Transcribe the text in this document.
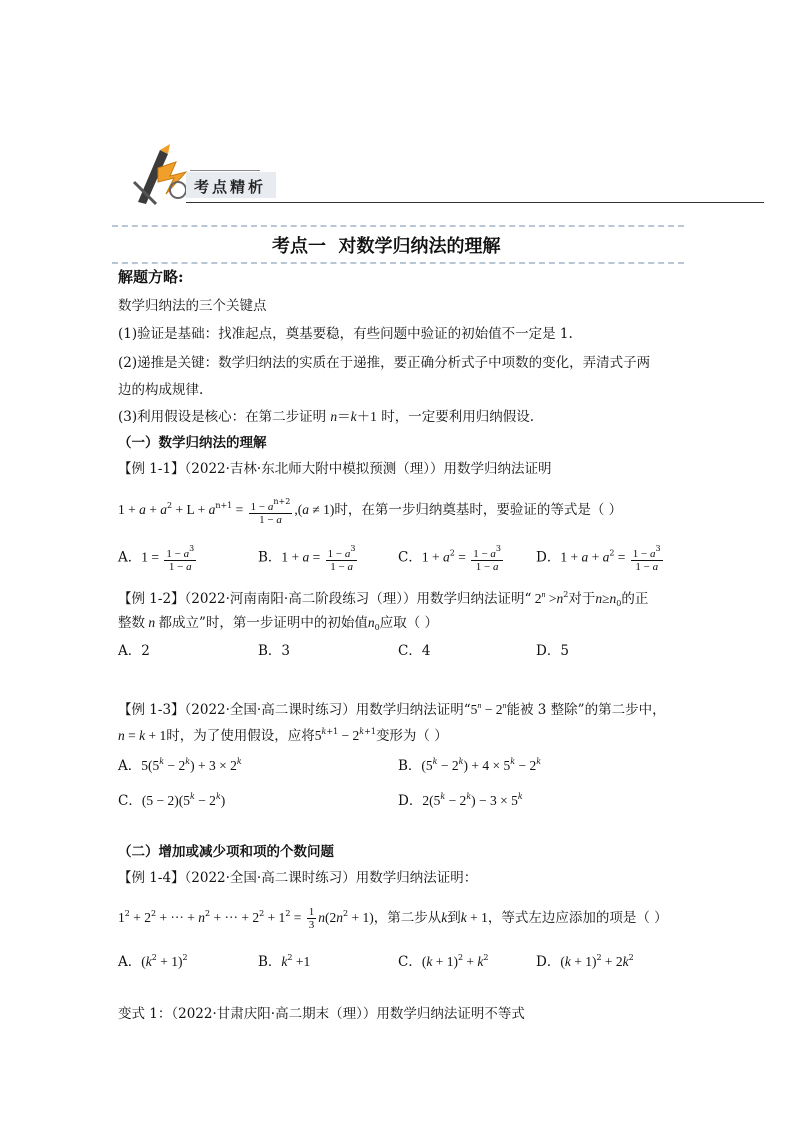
考点精析
考点一  对数学归纳法的理解
解题方略:
数学归纳法的三个关键点
(1)验证是基础：找准起点，奠基要稳，有些问题中验证的初始值不一定是 1.
(2)递推是关键：数学归纳法的实质在于递推，要正确分析式子中项数的变化，弄清式子两
边的构成规律.
(3)利用假设是核心：在第二步证明 n＝k＋1 时，一定要利用归纳假设.
（一）数学归纳法的理解
【例 1-1】（2022·吉林·东北师大附中模拟预测（理））用数学归纳法证明
$1 + a + a^2 + L + a^{n+1} = \frac{1 - a^{n+2}}{1 - a} ,(a \ne 1)$时，在第一步归纳奠基时，要验证的等式是（ ）
A．$1 = \frac{1 - a^3}{1 - a}$	B．$1 + a = \frac{1 - a^3}{1 - a}$	C．$1 + a^2 = \frac{1 - a^3}{1 - a}$ D．$1 + a + a^2 = \frac{1 - a^3}{1 - a}$
【例 1-2】（2022·河南南阳·高二阶段练习（理））用数学归纳法证明“ $2^n >n^2$对于$n\ge n_0$的正
整数 n 都成立”时，第一步证明中的初始值$n_0$应取（ ）
A．2	B．3	C．4	D．5
【例 1-3】（2022·全国·高二课时练习）用数学归纳法证明“$5^n - 2^n$能被 3 整除”的第二步中，
n = k + 1时，为了使用假设，应将$5^{k+1} - 2^{k+1}$变形为（ ）
A．$5(5^k - 2^k) + 3 \times 2^k$	B．$(5^k - 2^k) + 4 \times 5^k - 2^k$
C．$(5 - 2)(5^k - 2^k)$	D．$2(5^k - 2^k) - 3 \times 5^k$
（二）增加或减少项和项的个数问题
【例 1-4】（2022·全国·高二课时练习）用数学归纳法证明：
$1^2 + 2^2$ + ··· + $n^2$ + ··· + $2^2 + 1^2 = \frac{1}{3} n(2n^2 + 1)$，第二步从k到k + 1，等式左边应添加的项是（ ）
A．$(k^2 + 1)^2$	B．$k^2 +1$	C．$(k + 1)^2 + k^2$	D．$(k + 1)^2 + 2k^2$
变式 1：（2022·甘肃庆阳·高二期末（理））用数学归纳法证明不等式
